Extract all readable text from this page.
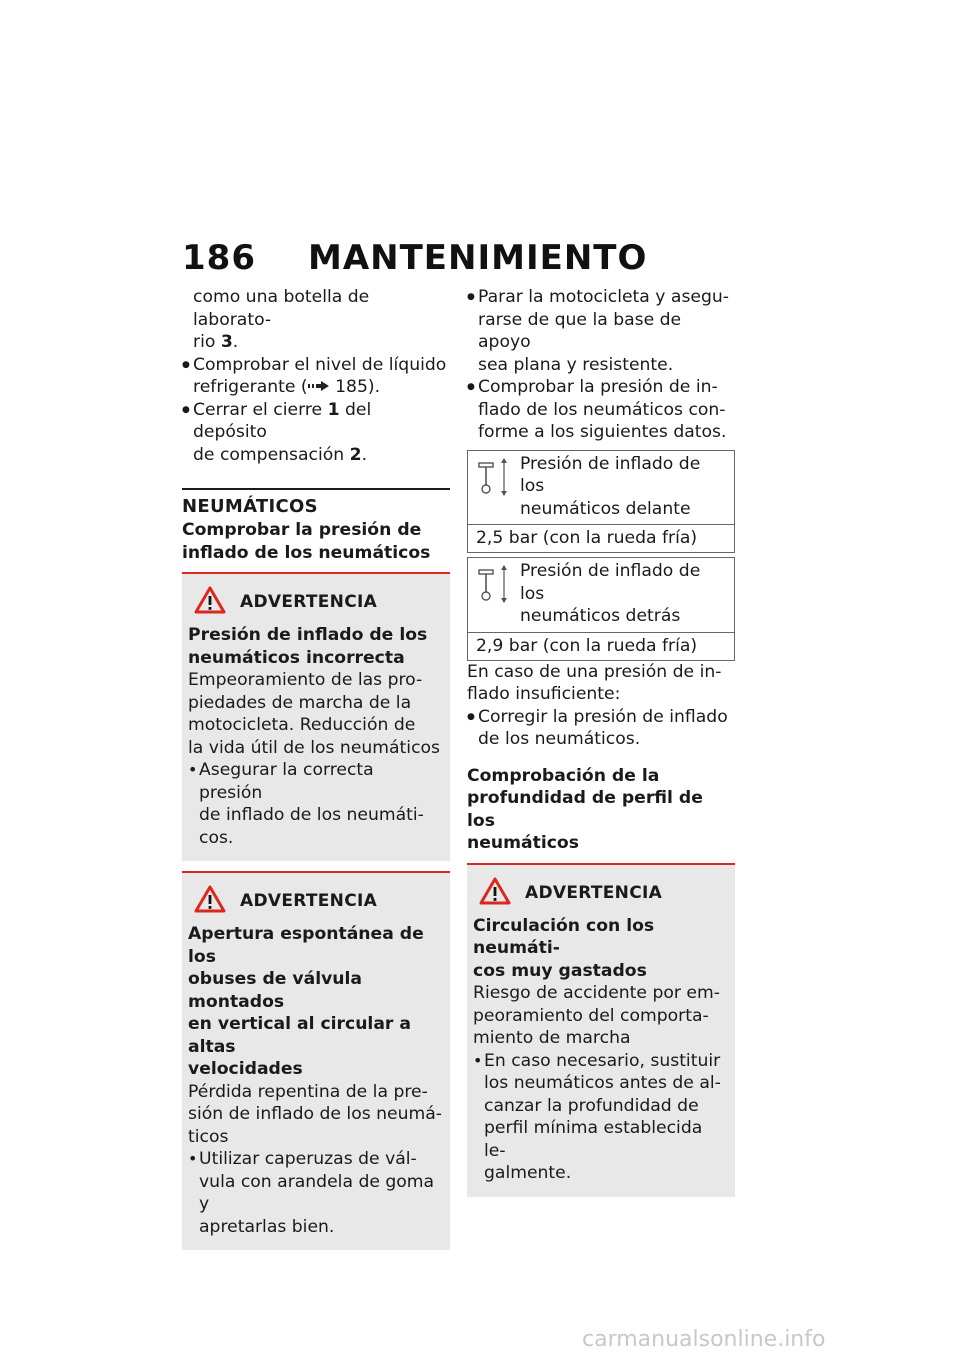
186 MANTENIMIENTO

como una botella de laborato-

rio 3.

● Comprobar el nivel de líquido
refrigerante ( 185).
● Cerrar el cierre 1 del depósito
de compensación 2.
NEUMÁTICOS
Comprobar la presión de
inflado de los neumáticos
ADVERTENCIA

Presión de inflado de los

neumáticos incorrecta

Empeoramiento de las pro-

piedades de marcha de la

motocicleta. Reducción de

la vida útil de los neumáticos

• Asegurar la correcta presión
de inflado de los neumáti-
cos.
ADVERTENCIA

Apertura espontánea de los

obuses de válvula montados

en vertical al circular a altas

velocidades

Pérdida repentina de la pre-

sión de inflado de los neumá-

ticos

• Utilizar caperuzas de vál-
vula con arandela de goma y
apretarlas bien.
● Parar la motocicleta y asegu-
rarse de que la base de apoyo
sea plana y resistente.
● Comprobar la presión de in-
flado de los neumáticos con-
forme a los siguientes datos.

Presión de inflado de los

neumáticos delante

2,5 bar (con la rueda fría)

Presión de inflado de los

neumáticos detrás

2,9 bar (con la rueda fría)

En caso de una presión de in-

flado insuficiente:

● Corregir la presión de inflado
de los neumáticos.
Comprobación de la
profundidad de perfil de los
neumáticos
ADVERTENCIA

Circulación con los neumáti-

cos muy gastados

Riesgo de accidente por em-

peoramiento del comporta-

miento de marcha

• En caso necesario, sustituir
los neumáticos antes de al-
canzar la profundidad de
perfil mínima establecida le-
galmente.
carmanualsonline.info
